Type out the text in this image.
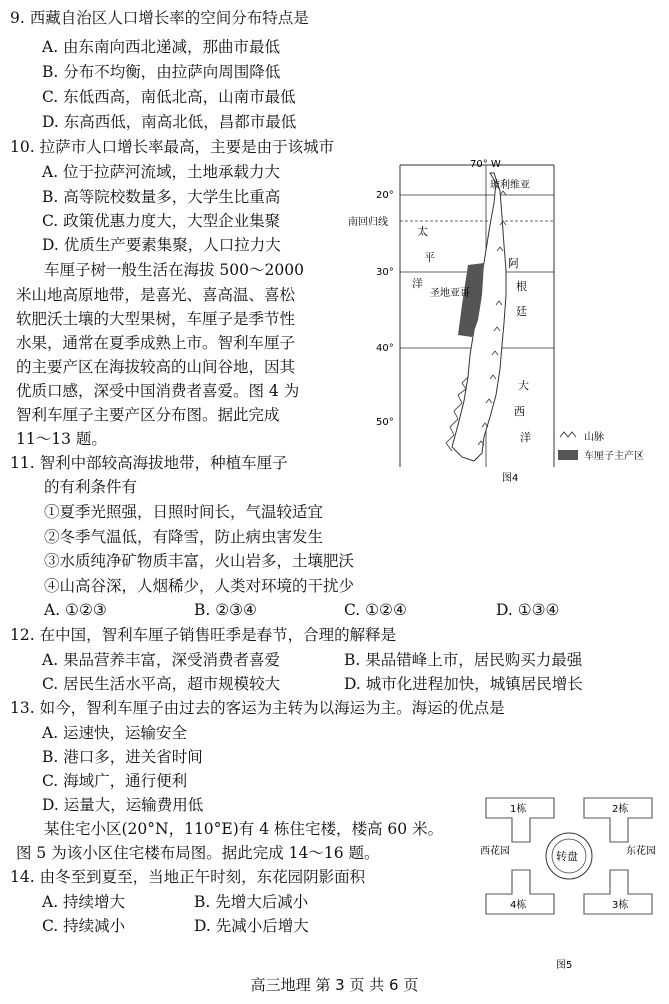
9. 西藏自治区人口增长率的空间分布特点是
A. 由东南向西北递减，那曲市最低
B. 分布不均衡，由拉萨向周围降低
C. 东低西高，南低北高，山南市最低
D. 东高西低，南高北低，昌都市最低
10. 拉萨市人口增长率最高，主要是由于该城市
A. 位于拉萨河流域，土地承载力大
B. 高等院校数量多，大学生比重高
C. 政策优惠力度大，大型企业集聚
D. 优质生产要素集聚，人口拉力大
车厘子树一般生活在海拔 500～2000
米山地高原地带，是喜光、喜高温、喜松
软肥沃土壤的大型果树，车厘子是季节性
水果，通常在夏季成熟上市。智利车厘子
的主要产区在海拔较高的山间谷地，因其
优质口感，深受中国消费者喜爱。图 4 为
智利车厘子主要产区分布图。据此完成
11～13 题。
11. 智利中部较高海拔地带，种植车厘子
的有利条件有
①夏季光照强，日照时间长，气温较适宜
②冬季气温低，有降雪，防止病虫害发生
③水质纯净矿物质丰富，火山岩多，土壤肥沃
④山高谷深，人烟稀少，人类对环境的干扰少
A. ①②③	B. ②③④	C. ①②④	D. ①③④
12. 在中国，智利车厘子销售旺季是春节，合理的解释是
A. 果品营养丰富，深受消费者喜爱	B. 果品错峰上市，居民购买力最强
C. 居民生活水平高，超市规模较大	D. 城市化进程加快，城镇居民增长
13. 如今，智利车厘子由过去的客运为主转为以海运为主。海运的优点是
A. 运速快，运输安全
B. 港口多，进关省时间
C. 海域广，通行便利
D. 运量大，运输费用低
某住宅小区(20°N，110°E)有 4 栋住宅楼，楼高 60 米。
图 5 为该小区住宅楼布局图。据此完成 14～16 题。
14. 由冬至到夏至，当地正午时刻，东花园阴影面积
A. 持续增大	B. 先增大后减小
C. 持续减小	D. 先减小后增大
70° W
20°
南回归线
30°
40°
50°
玻利维亚
太
平
洋
圣地亚哥
阿
根
廷
大
西
洋	山脉
车厘子主产区
图4
转盘
1栋	2栋
4栋	3栋
西花园	东花园
图5
高三地理 第 3 页 共 6 页
